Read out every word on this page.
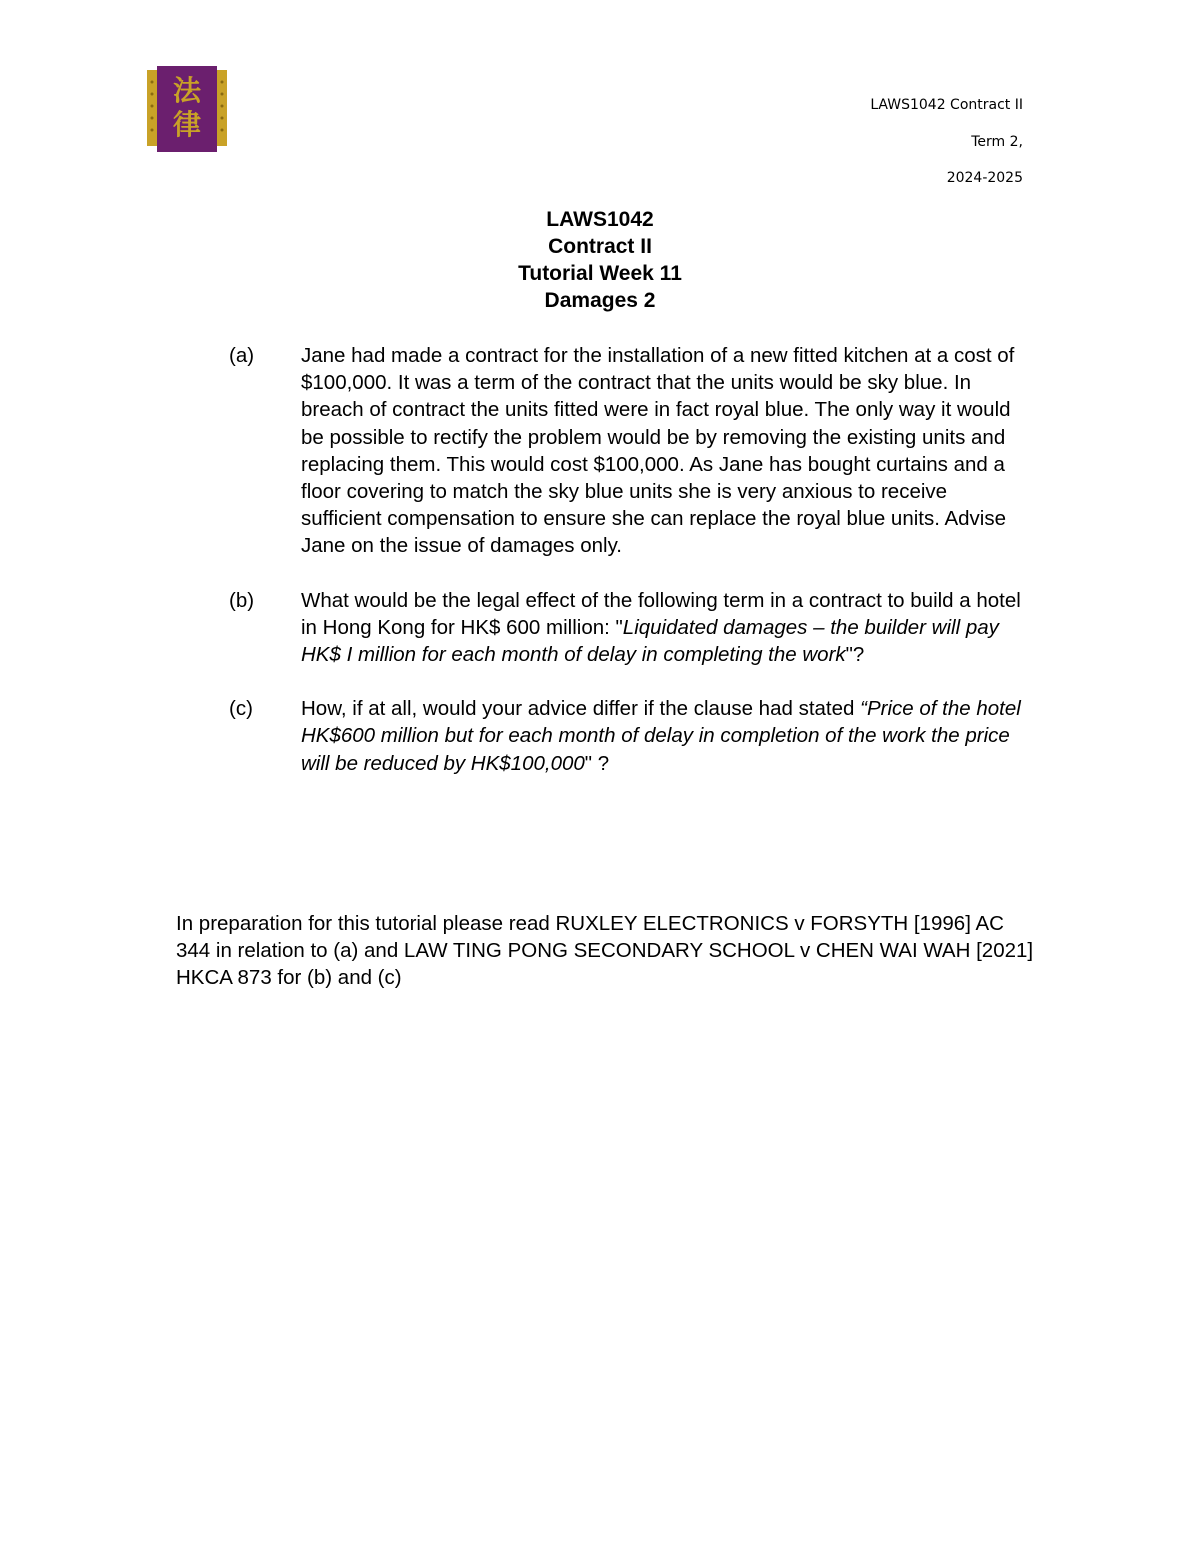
法
律
LAWS1042 Contract II
Term 2,
2024-2025
LAWS1042
Contract II
Tutorial Week 11
Damages 2
(a)	Jane had made a contract for the installation of a new fitted kitchen at a cost of $100,000. It was a term of the contract that the units would be sky blue. In breach of contract the units fitted were in fact royal blue. The only way it would be possible to rectify the problem would be by removing the existing units and replacing them. This would cost $100,000. As Jane has bought curtains and a floor covering to match the sky blue units she is very anxious to receive sufficient compensation to ensure she can replace the royal blue units. Advise Jane on the issue of damages only.
(b)	What would be the legal effect of the following term in a contract to build a hotel in Hong Kong for HK$ 600 million: "Liquidated damages – the builder will pay HK$ I million for each month of delay in completing the work"?
(c)	How, if at all, would your advice differ if the clause had stated “Price of the hotel HK$600 million but for each month of delay in completion of the work the price will be reduced by HK$100,000" ?
In preparation for this tutorial please read RUXLEY ELECTRONICS v FORSYTH [1996] AC 344 in relation to (a) and LAW TING PONG SECONDARY SCHOOL v CHEN WAI WAH [2021] HKCA 873 for (b) and (c)
